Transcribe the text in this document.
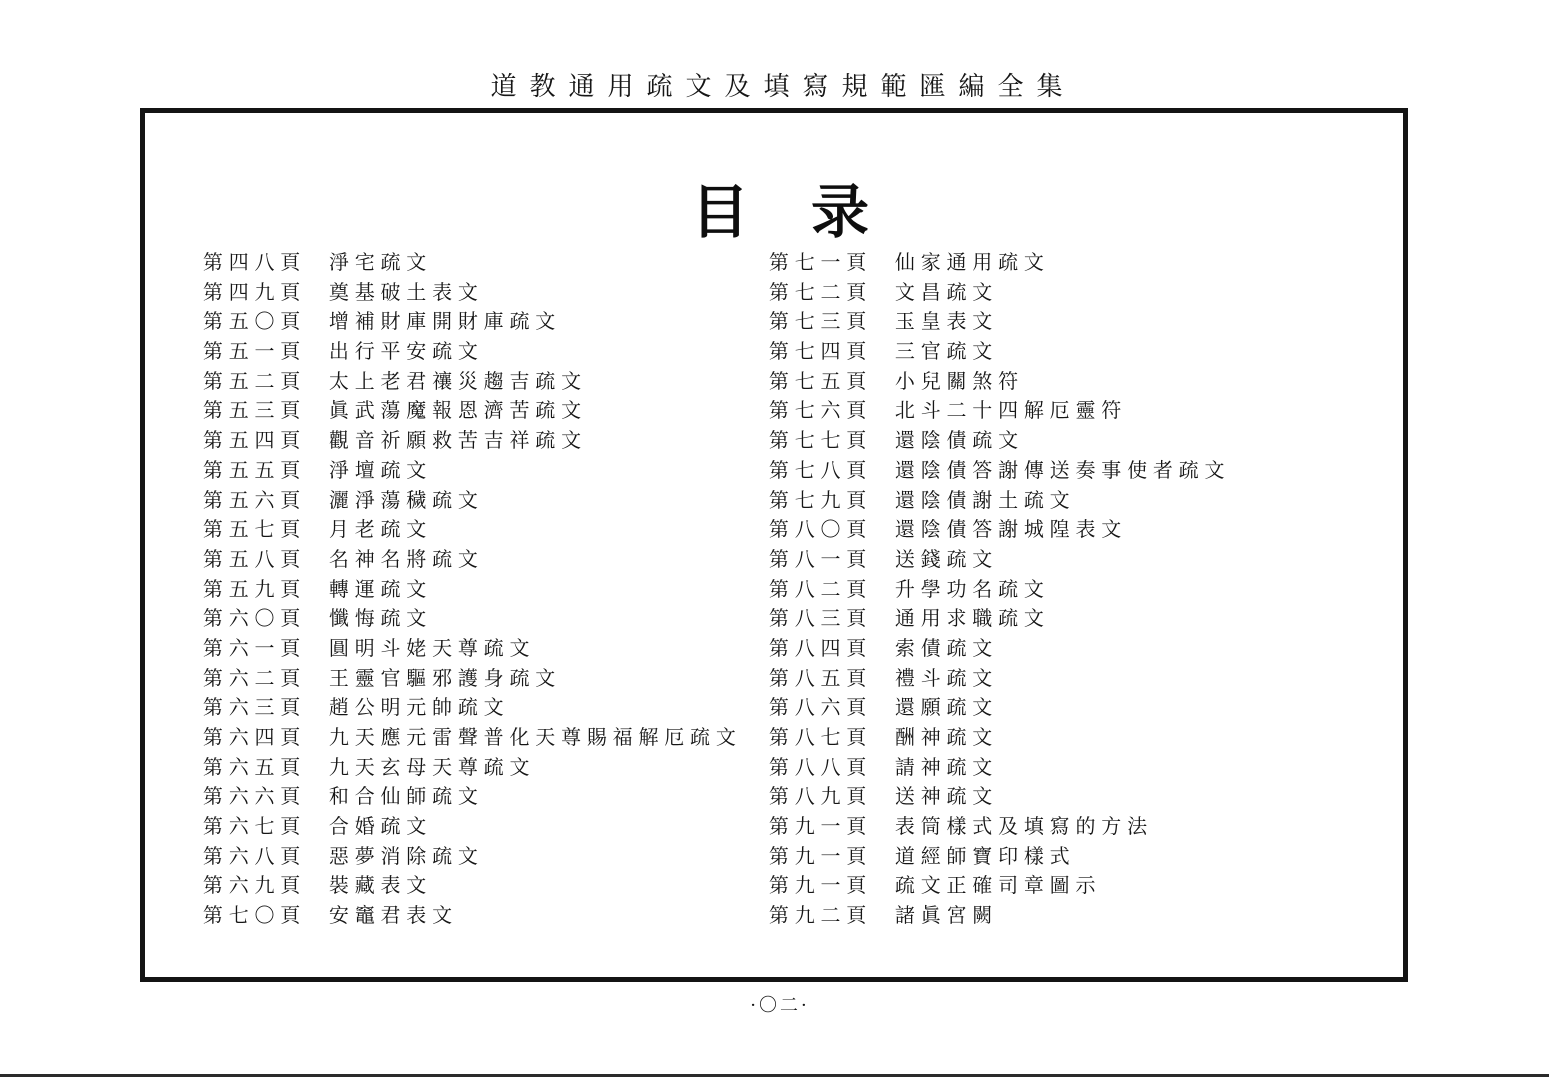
道 教 通 用 疏 文 及 填 寫 規 範 匯 編 全 集
目 录
第 四 八 頁	淨 宅 疏 文
第 四 九 頁	奠 基 破 土 表 文
第 五 〇 頁	增 補 財 庫 開 財 庫 疏 文
第 五 一 頁	出 行 平 安 疏 文
第 五 二 頁	太 上 老 君 禳 災 趨 吉 疏 文
第 五 三 頁	眞 武 蕩 魔 報 恩 濟 苦 疏 文
第 五 四 頁	觀 音 祈 願 救 苦 吉 祥 疏 文
第 五 五 頁	淨 壇 疏 文
第 五 六 頁	灑 淨 蕩 穢 疏 文
第 五 七 頁	月 老 疏 文
第 五 八 頁	名 神 名 將 疏 文
第 五 九 頁	轉 運 疏 文
第 六 〇 頁	懺 悔 疏 文
第 六 一 頁	圓 明 斗 姥 天 尊 疏 文
第 六 二 頁	王 靈 官 驅 邪 護 身 疏 文
第 六 三 頁	趙 公 明 元 帥 疏 文
第 六 四 頁	九 天 應 元 雷 聲 普 化 天 尊 賜 福 解 厄 疏 文
第 六 五 頁	九 天 玄 母 天 尊 疏 文
第 六 六 頁	和 合 仙 師 疏 文
第 六 七 頁	合 婚 疏 文
第 六 八 頁	惡 夢 消 除 疏 文
第 六 九 頁	裝 藏 表 文
第 七 〇 頁	安 竈 君 表 文
第 七 一 頁	仙 家 通 用 疏 文
第 七 二 頁	文 昌 疏 文
第 七 三 頁	玉 皇 表 文
第 七 四 頁	三 官 疏 文
第 七 五 頁	小 兒 關 煞 符
第 七 六 頁	北 斗 二 十 四 解 厄 靈 符
第 七 七 頁	還 陰 債 疏 文
第 七 八 頁	還 陰 債 答 謝 傳 送 奏 事 使 者 疏 文
第 七 九 頁	還 陰 債 謝 土 疏 文
第 八 〇 頁	還 陰 債 答 謝 城 隍 表 文
第 八 一 頁	送 錢 疏 文
第 八 二 頁	升 學 功 名 疏 文
第 八 三 頁	通 用 求 職 疏 文
第 八 四 頁	索 債 疏 文
第 八 五 頁	禮 斗 疏 文
第 八 六 頁	還 願 疏 文
第 八 七 頁	酬 神 疏 文
第 八 八 頁	請 神 疏 文
第 八 九 頁	送 神 疏 文
第 九 一 頁	表 筒 樣 式 及 填 寫 的 方 法
第 九 一 頁	道 經 師 寶 印 樣 式
第 九 一 頁	疏 文 正 確 司 章 圖 示
第 九 二 頁	諸 眞 宮 闕
·〇二·
